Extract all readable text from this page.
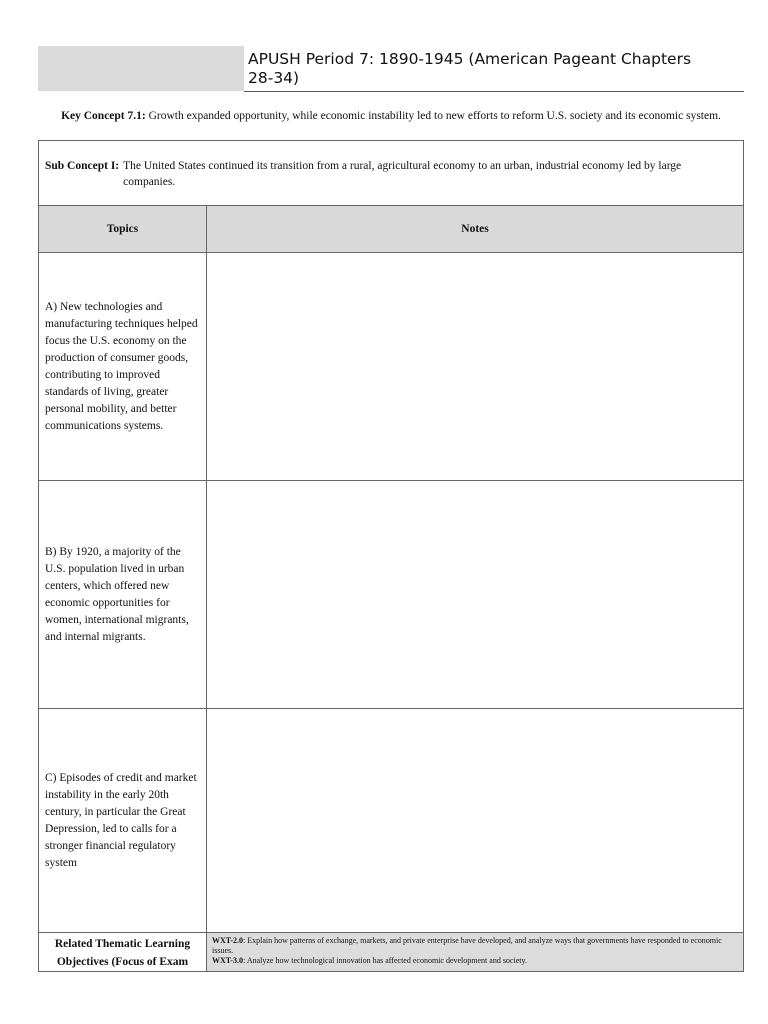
APUSH Period 7: 1890-1945 (American Pageant Chapters 28-34)
Key Concept 7.1: Growth expanded opportunity, while economic instability led to new efforts to reform U.S. society and its economic system.
Sub Concept I: The United States continued its transition from a rural, agricultural economy to an urban, industrial economy led by large companies.
Topics	Notes
A) New technologies and manufacturing techniques helped focus the U.S. economy on the production of consumer goods, contributing to improved standards of living, greater personal mobility, and better communications systems.
B) By 1920, a majority of the U.S. population lived in urban centers, which offered new economic opportunities for women, international migrants, and internal migrants.
C) Episodes of credit and market instability in the early 20th century, in particular the Great Depression, led to calls for a stronger financial regulatory system
Related Thematic Learning Objectives (Focus of Exam
WXT-2.0: Explain how patterns of exchange, markets, and private enterprise have developed, and analyze ways that governments have responded to economic issues.
WXT-3.0: Analyze how technological innovation has affected economic development and society.
